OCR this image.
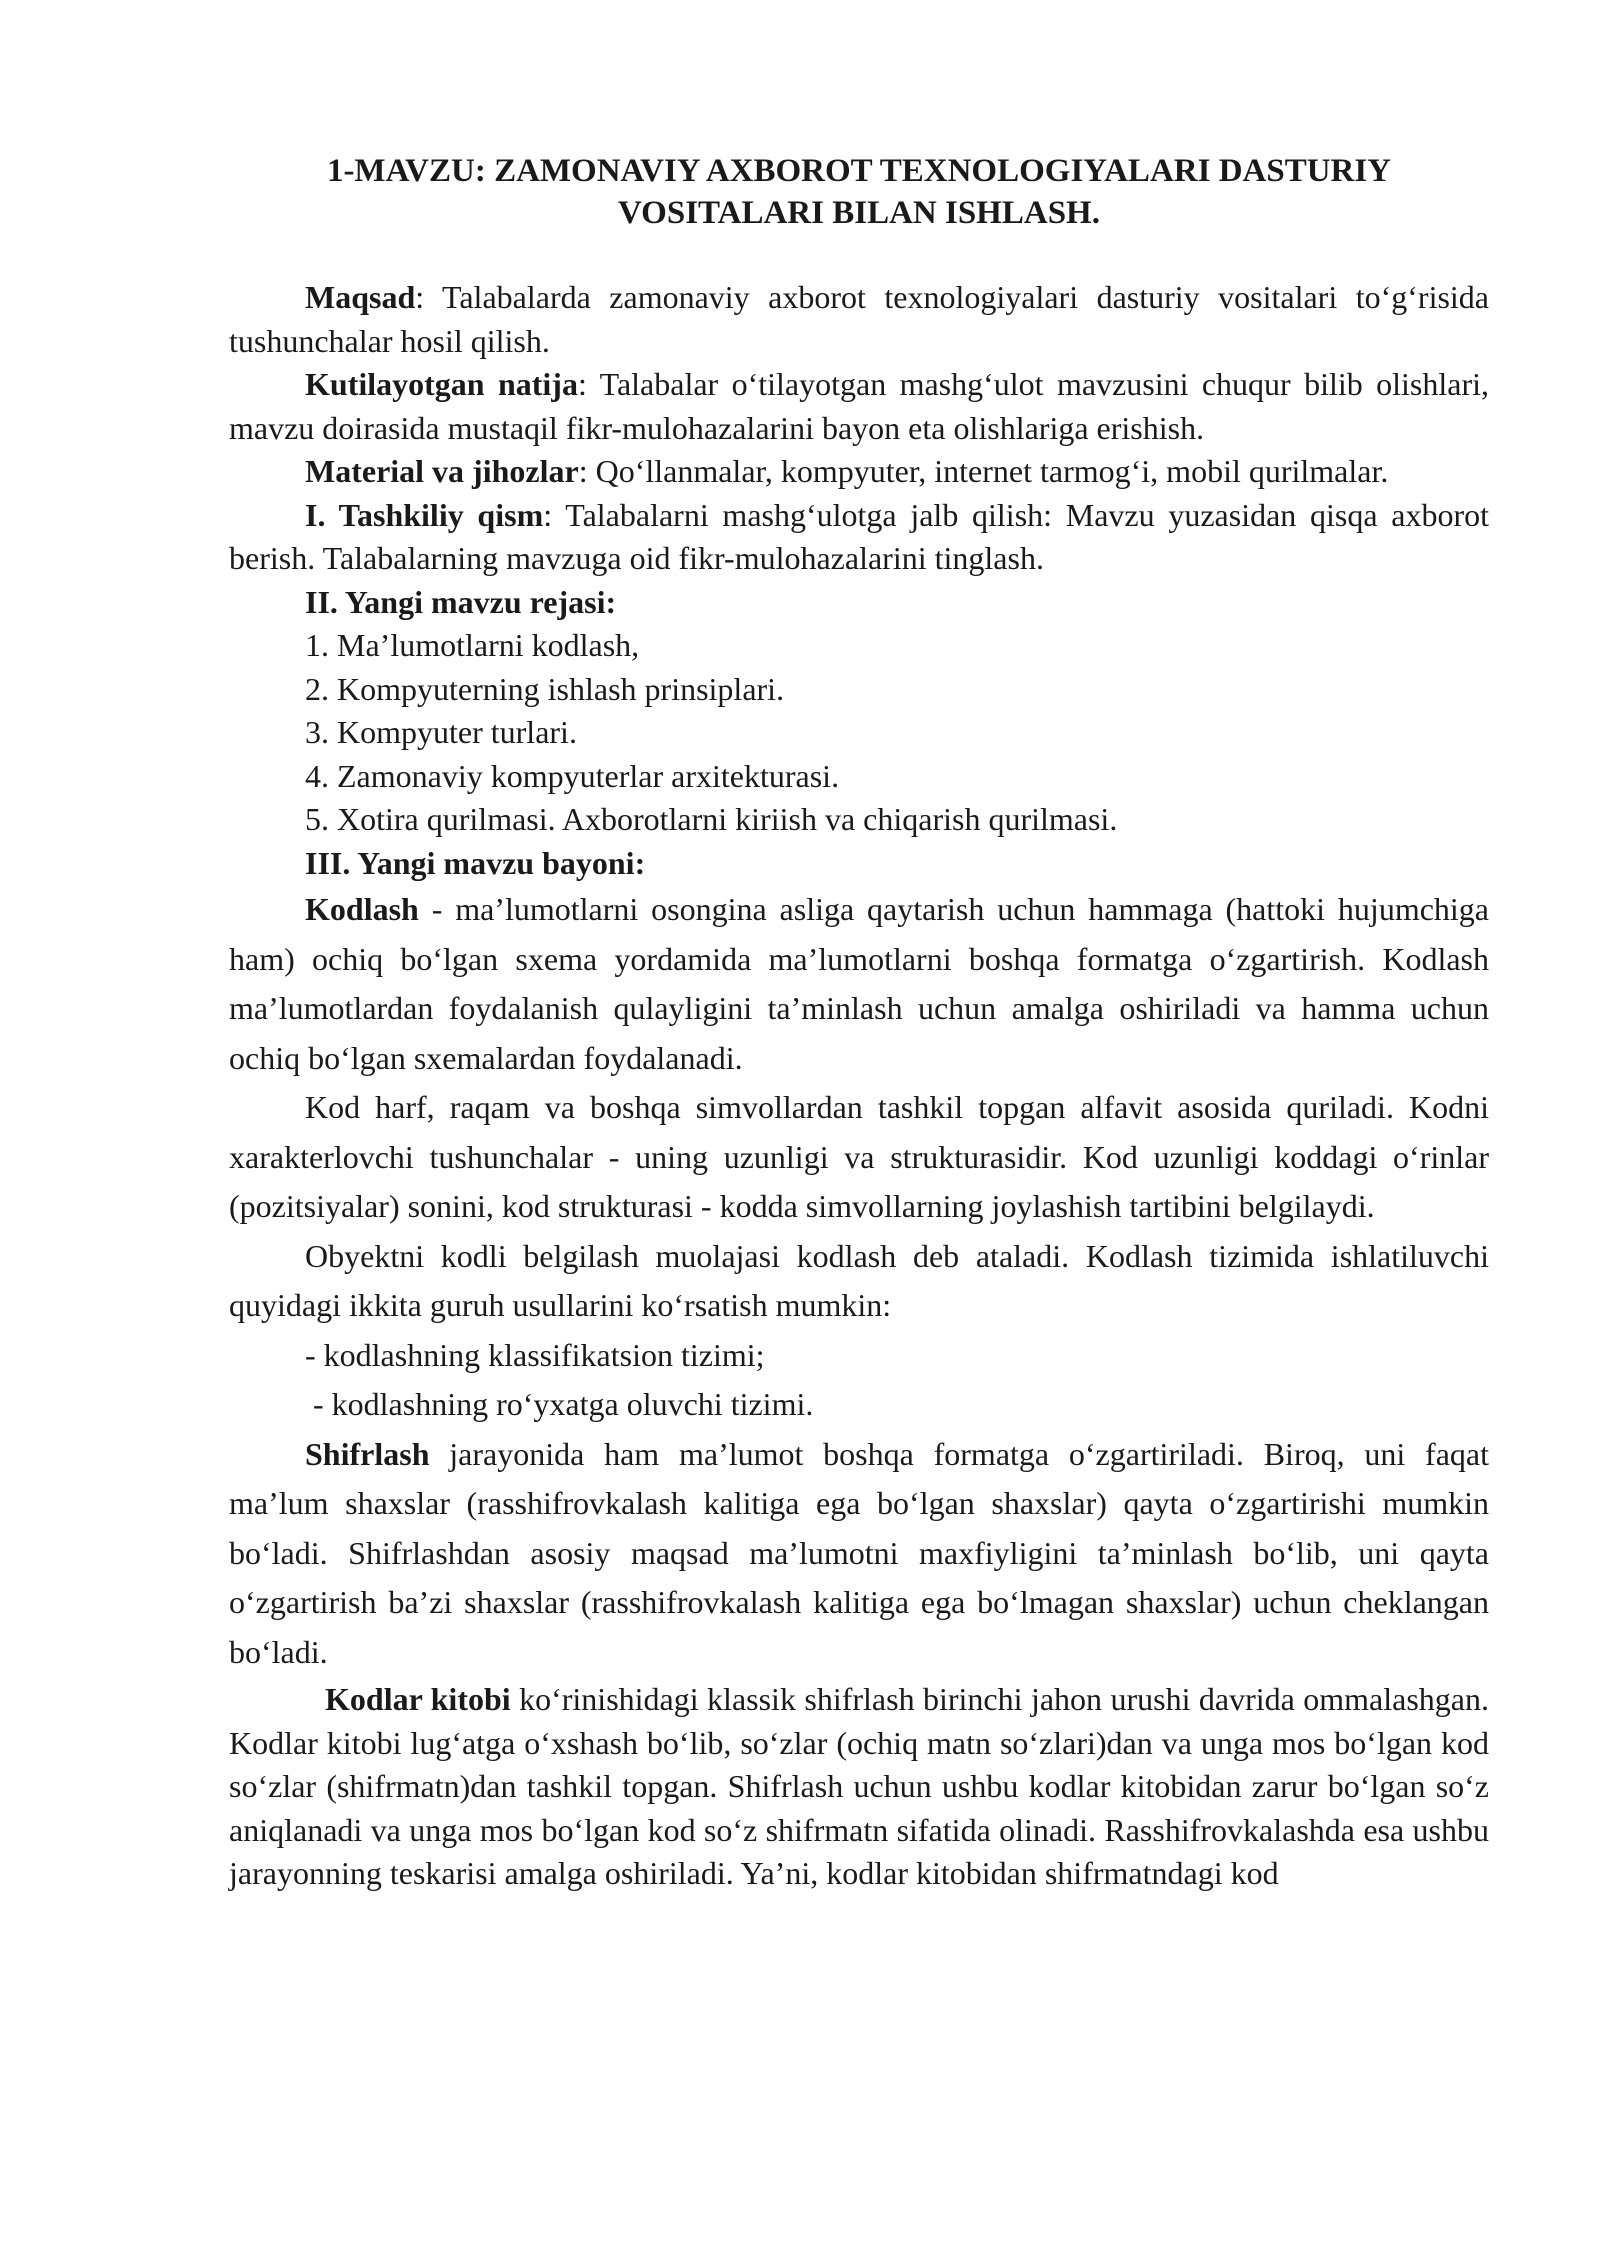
1-MAVZU: ZAMONAVIY AXBOROT TEXNOLOGIYALARI DASTURIY
VOSITALARI BILAN ISHLASH.

Maqsad: Talabalarda zamonaviy axborot texnologiyalari dasturiy vositalari to‘g‘risida tushunchalar hosil qilish.

Kutilayotgan natija: Talabalar o‘tilayotgan mashg‘ulot mavzusini chuqur bilib olishlari, mavzu doirasida mustaqil fikr-mulohazalarini bayon eta olishlariga erishish.

Material va jihozlar: Qo‘llanmalar, kompyuter, internet tarmog‘i, mobil qurilmalar.

I. Tashkiliy qism: Talabalarni mashg‘ulotga jalb qilish: Mavzu yuzasidan qisqa axborot berish. Talabalarning mavzuga oid fikr-mulohazalarini tinglash.

II. Yangi mavzu rejasi:

1. Ma’lumotlarni kodlash,

2. Kompyuterning ishlash prinsiplari.

3. Kompyuter turlari.

4. Zamonaviy kompyuterlar arxitekturasi.

5. Xotira qurilmasi. Axborotlarni kiriish va chiqarish qurilmasi.

III. Yangi mavzu bayoni:

Kodlash - ma’lumotlarni osongina asliga qaytarish uchun hammaga (hattoki hujumchiga ham) ochiq bo‘lgan sxema yordamida ma’lumotlarni boshqa formatga o‘zgartirish. Kodlash ma’lumotlardan foydalanish qulayligini ta’minlash uchun amalga oshiriladi va hamma uchun ochiq bo‘lgan sxemalardan foydalanadi.

Kod harf, raqam va boshqa simvollardan tashkil topgan alfavit asosida quriladi. Kodni xarakterlovchi tushunchalar - uning uzunligi va strukturasidir. Kod uzunligi koddagi o‘rinlar (pozitsiyalar) sonini, kod strukturasi - kodda simvollarning joylashish tartibini belgilaydi.

Obyektni kodli belgilash muolajasi kodlash deb ataladi. Kodlash tizimida ishlatiluvchi quyidagi ikkita guruh usullarini ko‘rsatish mumkin:

- kodlashning klassifikatsion tizimi;

- kodlashning ro‘yxatga oluvchi tizimi.

Shifrlash jarayonida ham ma’lumot boshqa formatga o‘zgartiriladi. Biroq, uni faqat ma’lum shaxslar (rasshifrovkalash kalitiga ega bo‘lgan shaxslar) qayta o‘zgartirishi mumkin bo‘ladi. Shifrlashdan asosiy maqsad ma’lumotni maxfiyligini ta’minlash bo‘lib, uni qayta o‘zgartirish ba’zi shaxslar (rasshifrovkalash kalitiga ega bo‘lmagan shaxslar) uchun cheklangan bo‘ladi.

Kodlar kitobi ko‘rinishidagi klassik shifrlash birinchi jahon urushi davrida ommalashgan. Kodlar kitobi lug‘atga o‘xshash bo‘lib, so‘zlar (ochiq matn so‘zlari)dan va unga mos bo‘lgan kod so‘zlar (shifrmatn)dan tashkil topgan. Shifrlash uchun ushbu kodlar kitobidan zarur bo‘lgan so‘z aniqlanadi va unga mos bo‘lgan kod so‘z shifrmatn sifatida olinadi. Rasshifrovkalashda esa ushbu jarayonning teskarisi amalga oshiriladi. Ya’ni, kodlar kitobidan shifrmatndagi kod
